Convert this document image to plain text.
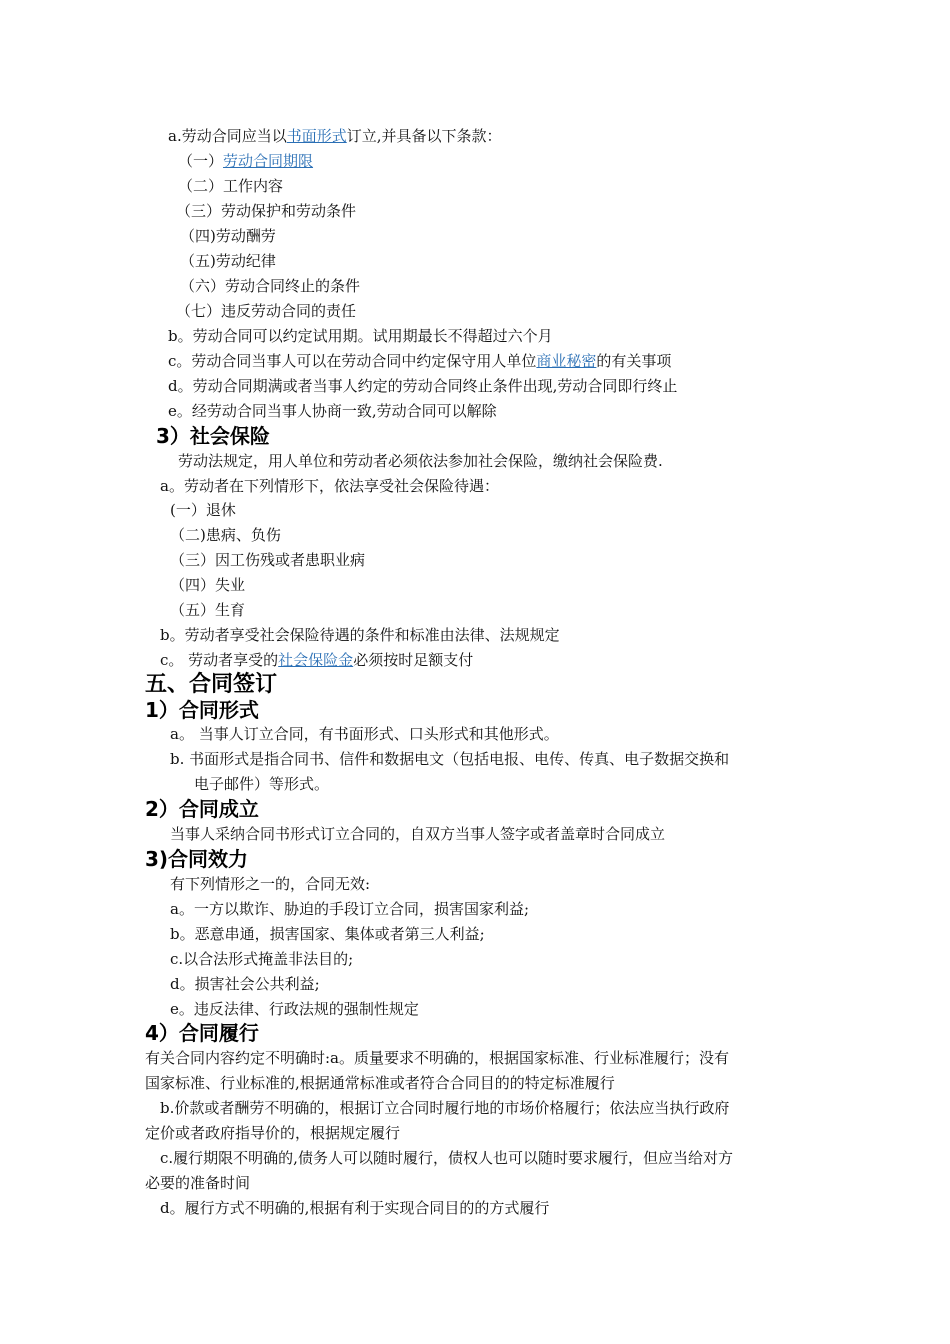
a.劳动合同应当以书面形式订立,并具备以下条款：
（一）劳动合同期限
（二）工作内容
（三）劳动保护和劳动条件
（四)劳动酬劳
（五)劳动纪律
（六）劳动合同终止的条件
（七）违反劳动合同的责任
b。劳动合同可以约定试用期。试用期最长不得超过六个月
c。劳动合同当事人可以在劳动合同中约定保守用人单位商业秘密的有关事项
d。劳动合同期满或者当事人约定的劳动合同终止条件出现,劳动合同即行终止
e。经劳动合同当事人协商一致,劳动合同可以解除
3）社会保险
劳动法规定，用人单位和劳动者必须依法参加社会保险，缴纳社会保险费.
a。劳动者在下列情形下，依法享受社会保险待遇：
(一）退休
（二)患病、负伤
（三）因工伤残或者患职业病
（四）失业
（五）生育
b。劳动者享受社会保险待遇的条件和标准由法律、法规规定
c。 劳动者享受的社会保险金必须按时足额支付
五、合同签订
1）合同形式
a。 当事人订立合同，有书面形式、口头形式和其他形式。
b. 书面形式是指合同书、信件和数据电文（包括电报、电传、传真、电子数据交换和
电子邮件）等形式。
2）合同成立
当事人采纳合同书形式订立合同的，自双方当事人签字或者盖章时合同成立
3)合同效力
有下列情形之一的，合同无效:
a。一方以欺诈、胁迫的手段订立合同，损害国家利益;
b。恶意串通，损害国家、集体或者第三人利益;
c.以合法形式掩盖非法目的;
d。损害社会公共利益;
e。违反法律、行政法规的强制性规定
4）合同履行
有关合同内容约定不明确时:a。质量要求不明确的，根据国家标准、行业标准履行；没有
国家标准、行业标准的,根据通常标准或者符合合同目的的特定标准履行
b.价款或者酬劳不明确的，根据订立合同时履行地的市场价格履行；依法应当执行政府
定价或者政府指导价的，根据规定履行
c.履行期限不明确的,债务人可以随时履行，债权人也可以随时要求履行，但应当给对方
必要的准备时间
d。履行方式不明确的,根据有利于实现合同目的的方式履行
